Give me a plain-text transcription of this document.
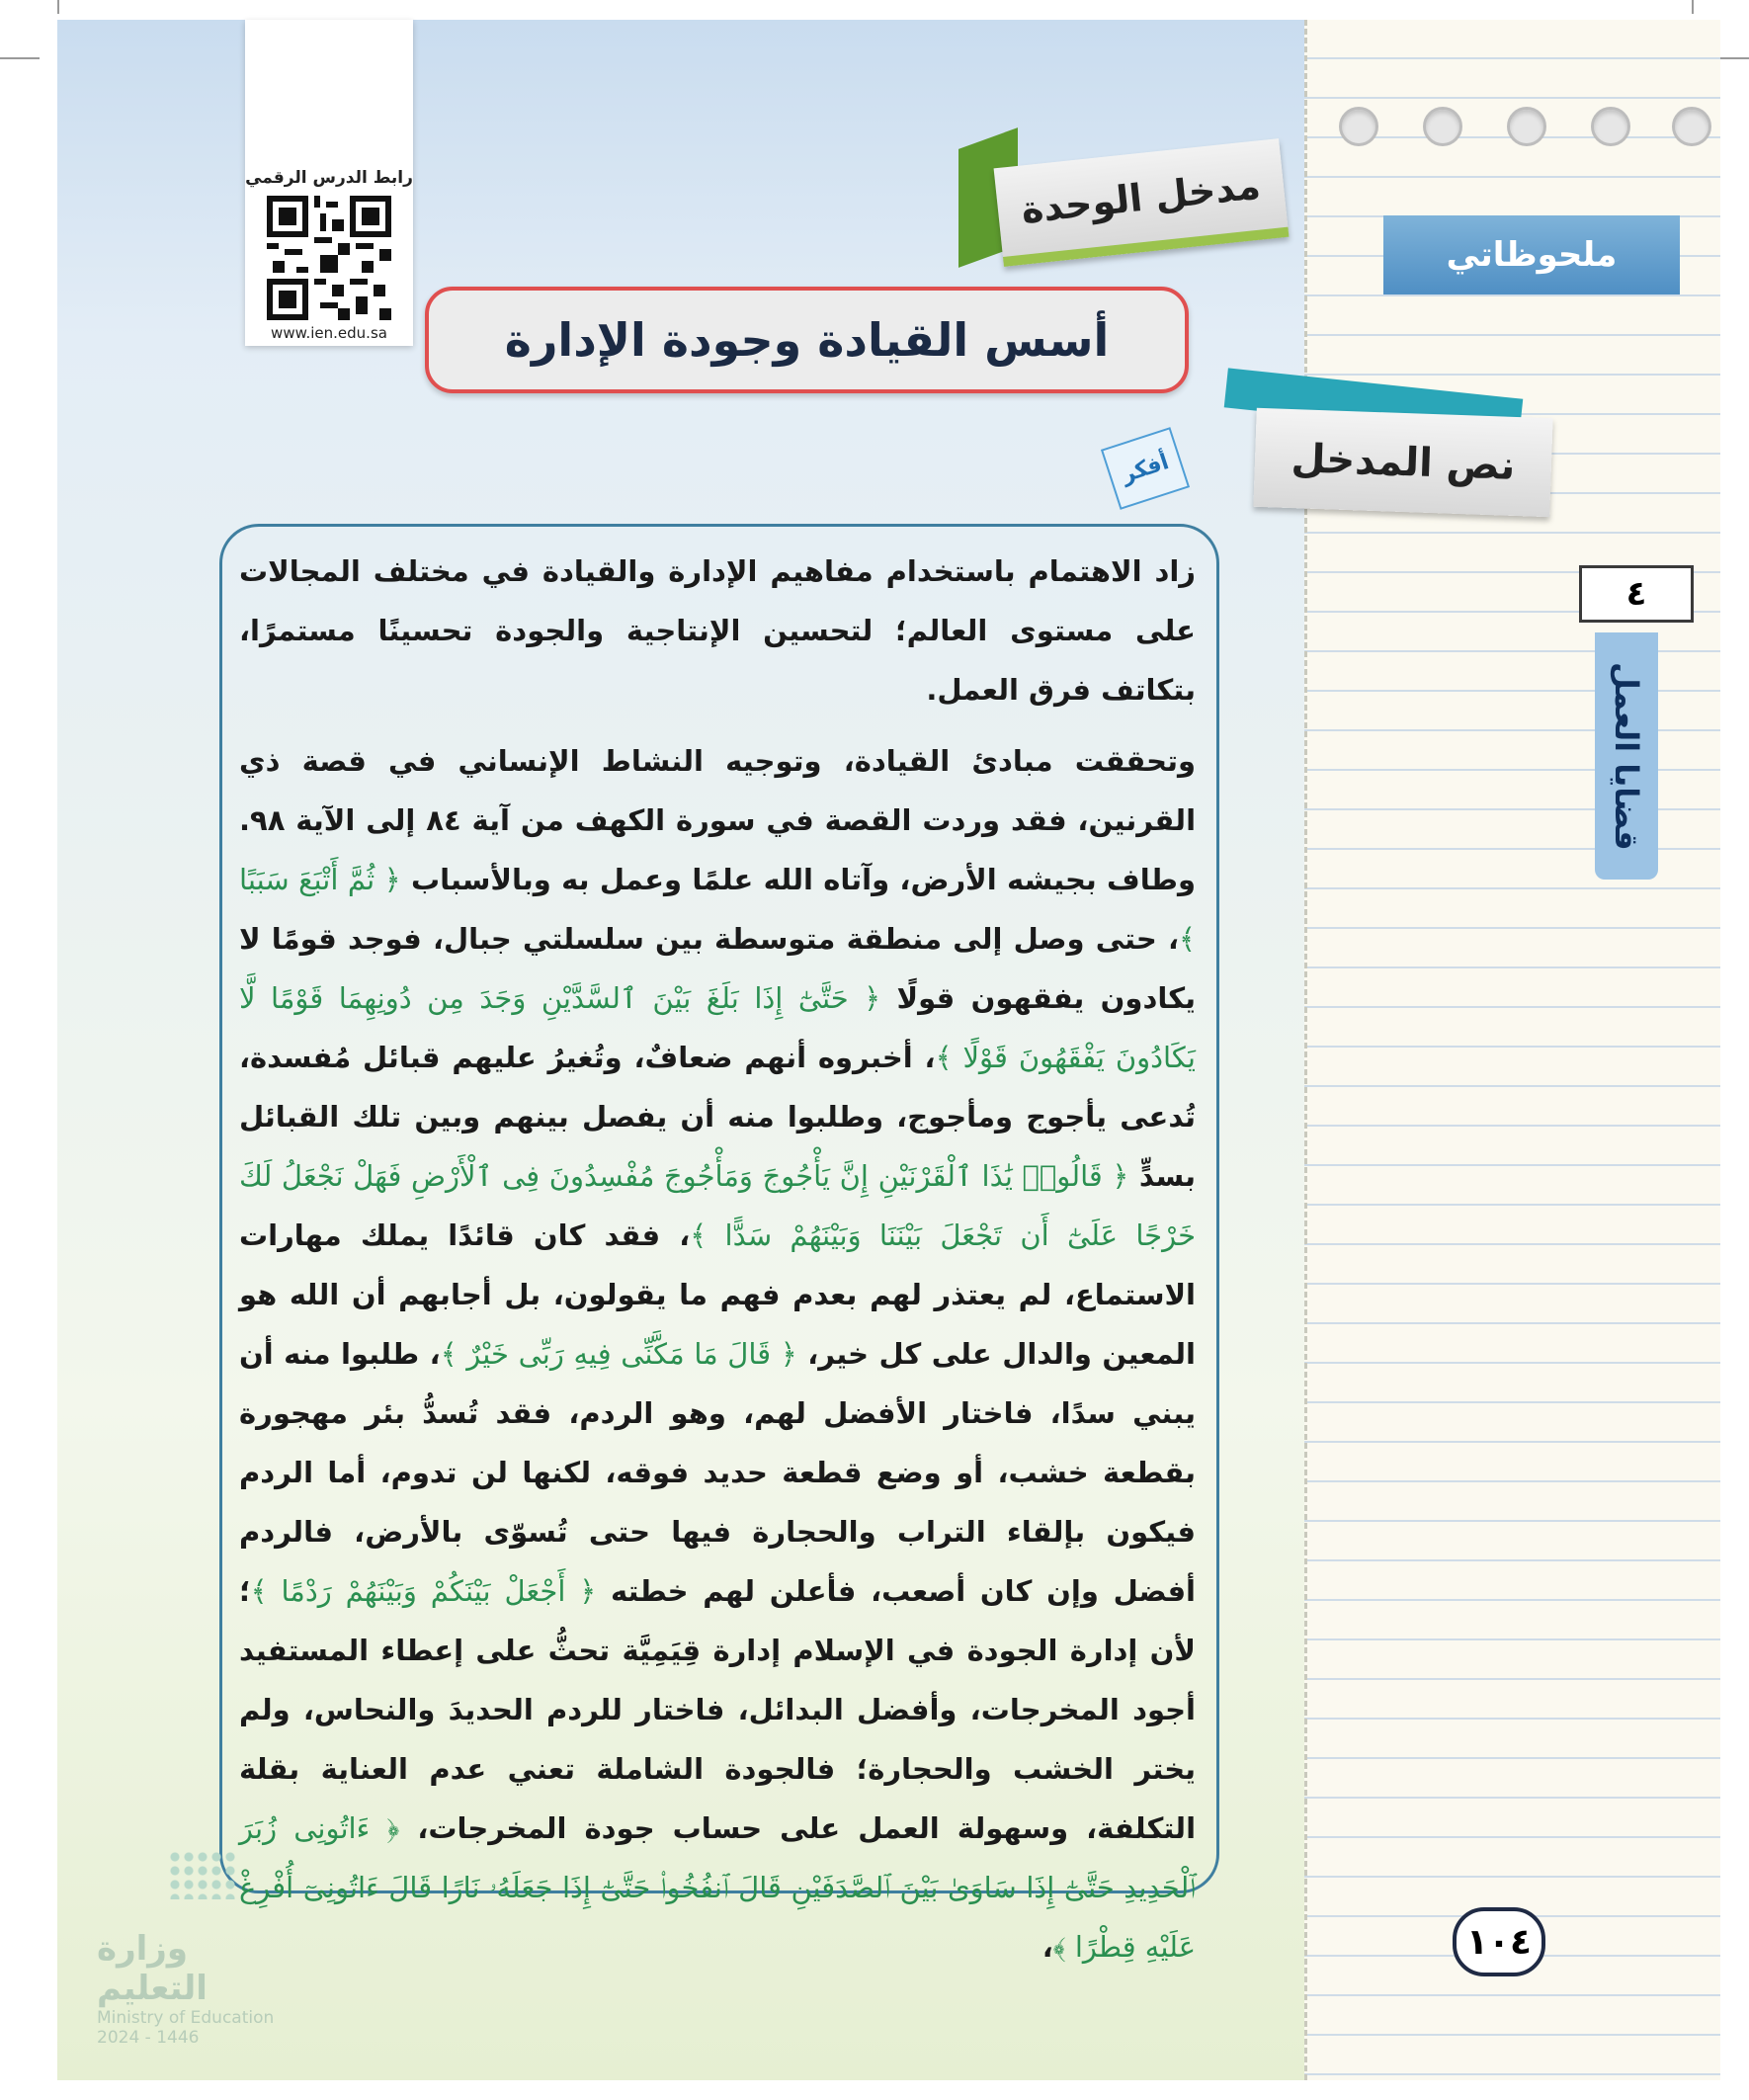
ملحوظاتي
٤
قضايا العمل
رابط الدرس الرقمي
www.ien.edu.sa
مدخل الوحدة
أسس القيادة وجودة الإدارة
نص المدخل
أفكر

زاد الاهتمام باستخدام مفاهيم الإدارة والقيادة في مختلف المجالات على مستوى العالم؛ لتحسين الإنتاجية والجودة تحسينًا مستمرًا، بتكاتف فرق العمل.

وتحققت مبادئ القيادة، وتوجيه النشاط الإنساني في قصة ذي القرنين، فقد وردت القصة في سورة الكهف من آية ٨٤ إلى الآية ٩٨. وطاف بجيشه الأرض، وآتاه الله علمًا وعمل به وبالأسباب ﴿ ثُمَّ أَتْبَعَ سَبَبًا ﴾، حتى وصل إلى منطقة متوسطة بين سلسلتي جبال، فوجد قومًا لا يكادون يفقهون قولًا ﴿ حَتَّىٰٓ إِذَا بَلَغَ بَيْنَ ٱلسَّدَّيْنِ وَجَدَ مِن دُونِهِمَا قَوْمًا لَّا يَكَادُونَ يَفْقَهُونَ قَوْلًا ﴾، أخبروه أنهم ضعافٌ، وتُغيرُ عليهم قبائل مُفسدة، تُدعى يأجوج ومأجوج، وطلبوا منه أن يفصل بينهم وبين تلك القبائل بسدٍّ ﴿ قَالُوا۟ يَٰذَا ٱلْقَرْنَيْنِ إِنَّ يَأْجُوجَ وَمَأْجُوجَ مُفْسِدُونَ فِى ٱلْأَرْضِ فَهَلْ نَجْعَلُ لَكَ خَرْجًا عَلَىٰٓ أَن تَجْعَلَ بَيْنَنَا وَبَيْنَهُمْ سَدًّا ﴾، فقد كان قائدًا يملك مهارات الاستماع، لم يعتذر لهم بعدم فهم ما يقولون، بل أجابهم أن الله هو المعين والدال على كل خير، ﴿ قَالَ مَا مَكَّنِّى فِيهِ رَبِّى خَيْرٌ ﴾، طلبوا منه أن يبني سدًا، فاختار الأفضل لهم، وهو الردم، فقد تُسدُّ بئر مهجورة بقطعة خشب، أو وضع قطعة حديد فوقه، لكنها لن تدوم، أما الردم فيكون بإلقاء التراب والحجارة فيها حتى تُسوّى بالأرض، فالردم أفضل وإن كان أصعب، فأعلن لهم خطته ﴿ أَجْعَلْ بَيْنَكُمْ وَبَيْنَهُمْ رَدْمًا ﴾؛ لأن إدارة الجودة في الإسلام إدارة قِيَمِيَّة تحثُّ على إعطاء المستفيد أجود المخرجات، وأفضل البدائل، فاختار للردم الحديدَ والنحاس، ولم يختر الخشب والحجارة؛ فالجودة الشاملة تعني عدم العناية بقلة التكلفة، وسهولة العمل على حساب جودة المخرجات، ﴿ ءَاتُونِى زُبَرَ ٱلْحَدِيدِ حَتَّىٰٓ إِذَا سَاوَىٰ بَيْنَ ٱلصَّدَفَيْنِ قَالَ ٱنفُخُوا۟ حَتَّىٰٓ إِذَا جَعَلَهُۥ نَارًا قَالَ ءَاتُونِىٓ أُفْرِغْ عَلَيْهِ قِطْرًا ﴾،	١٠٤
وزارة التعليم
Ministry of Education
2024 - 1446
